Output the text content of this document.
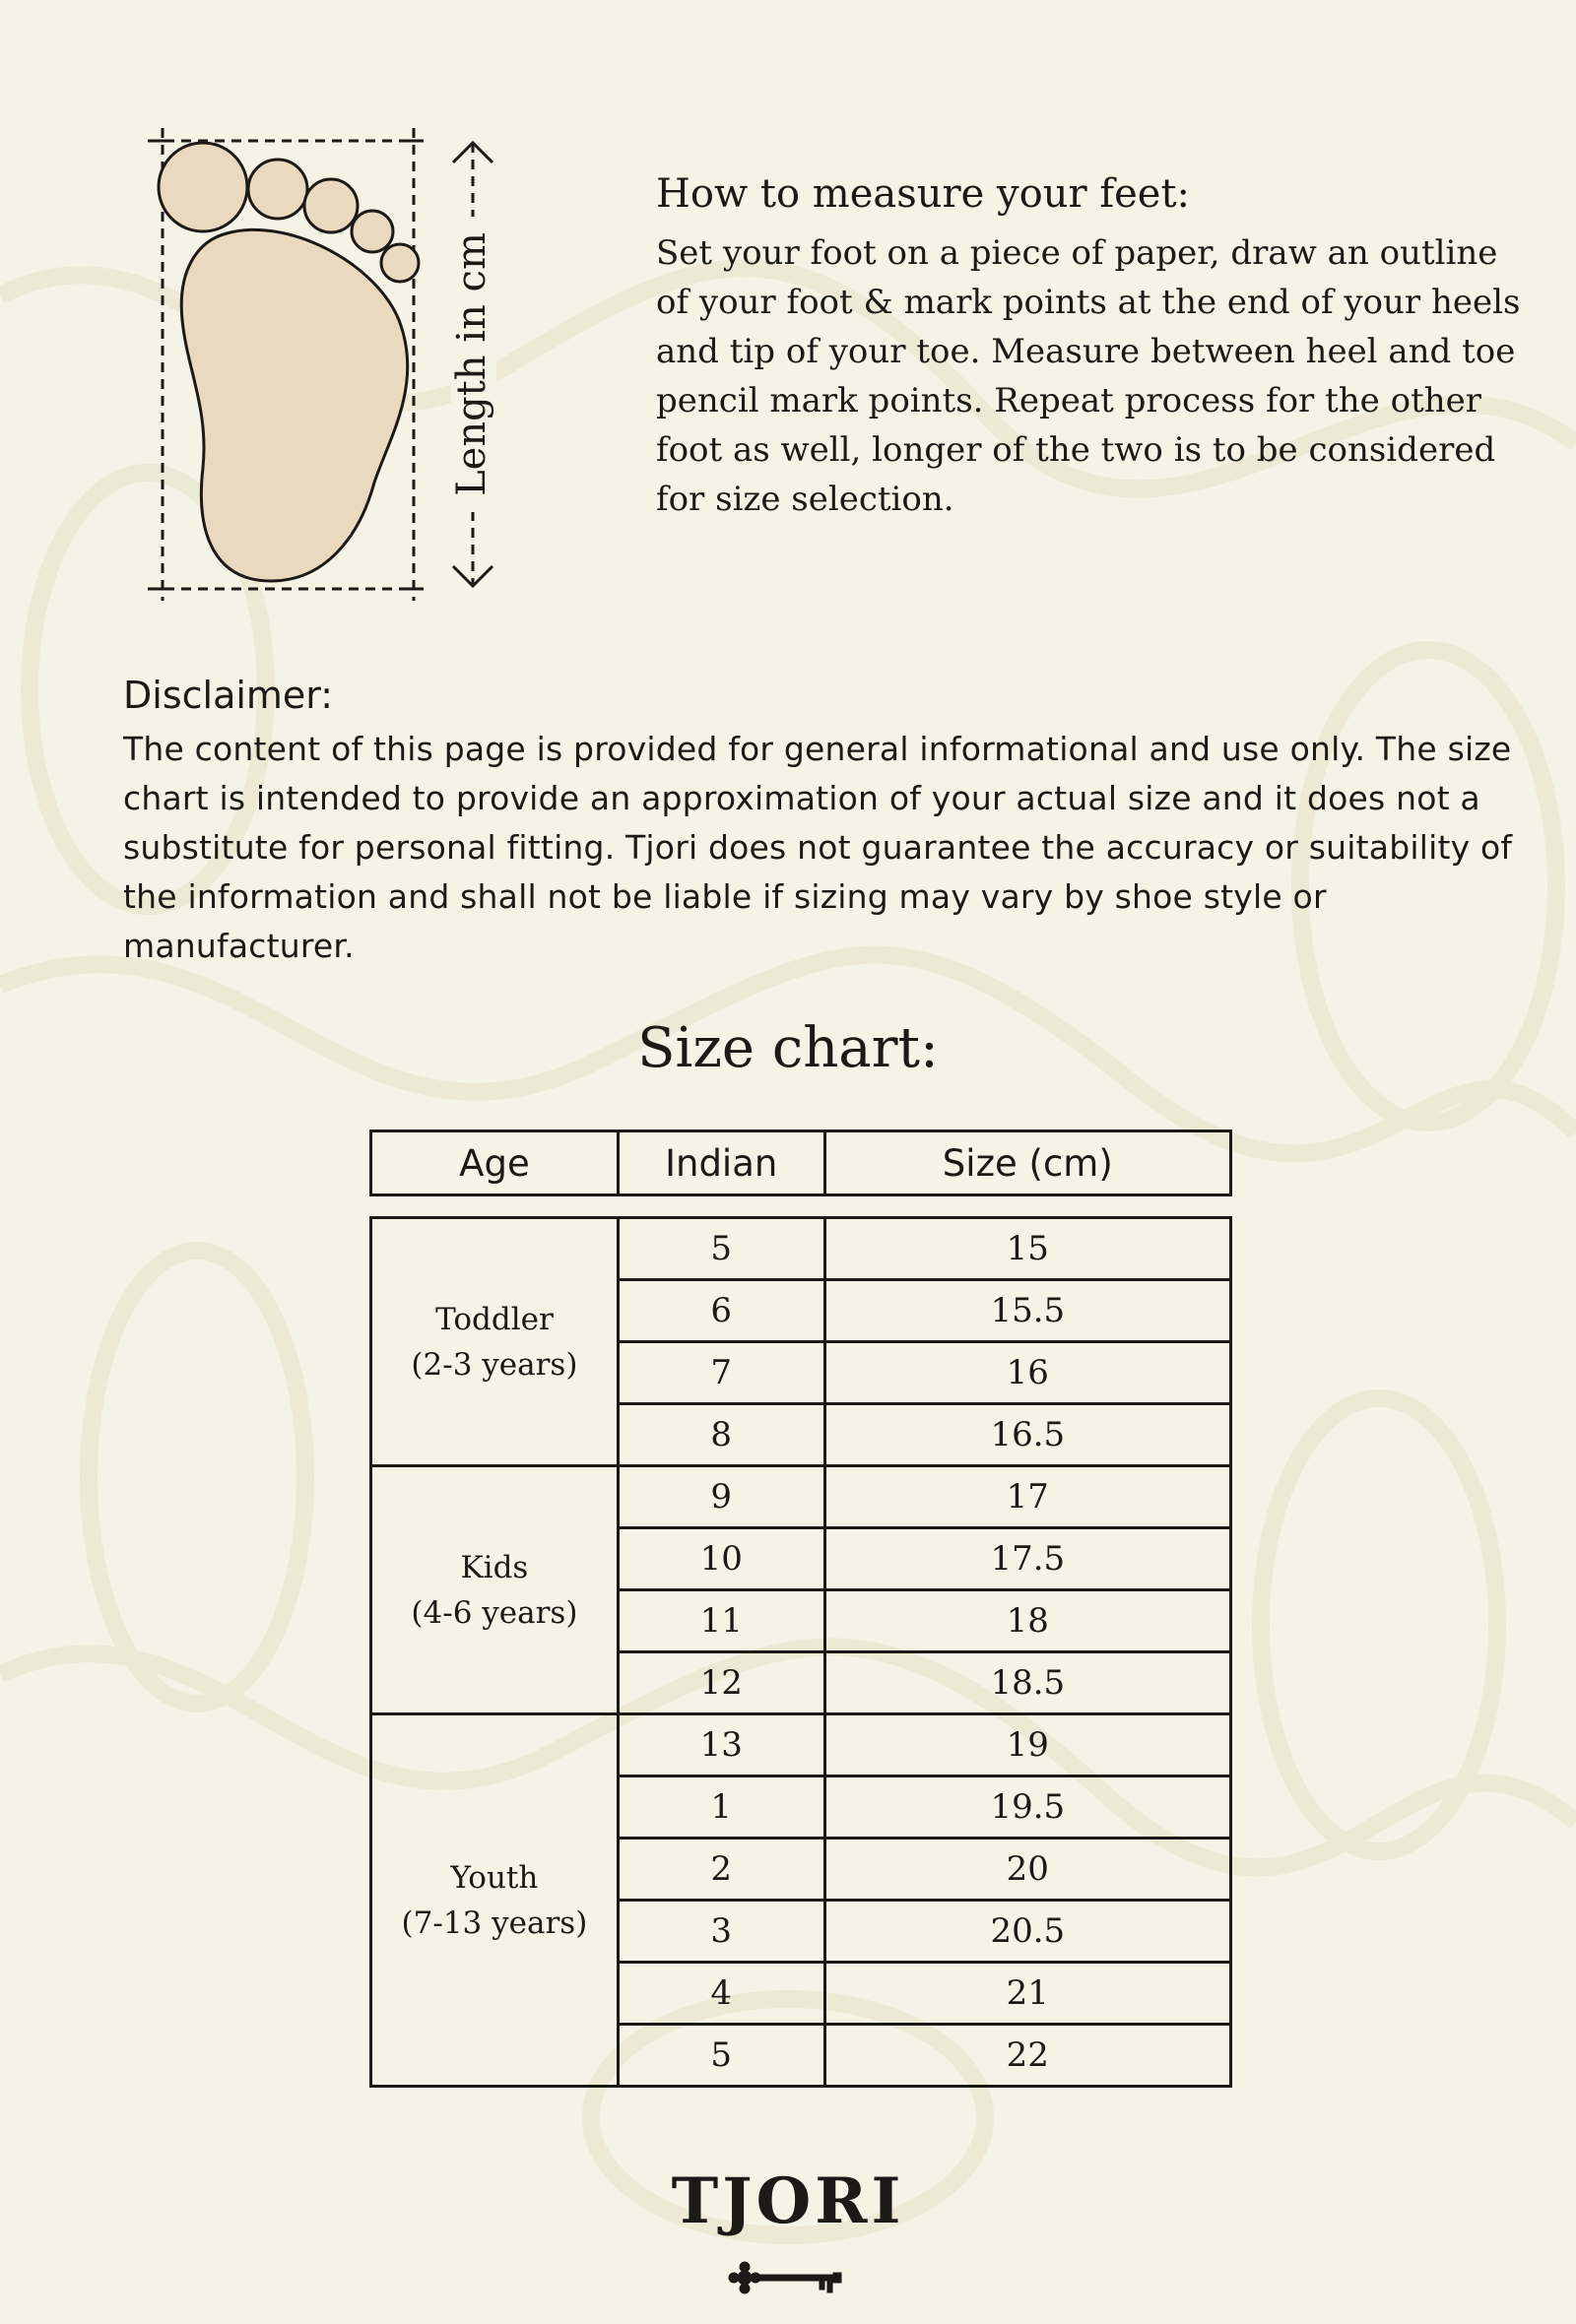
Length in cm
How to measure your feet:

Set your foot on a piece of paper, draw an outline of your foot & mark points at the end of your heels and tip of your toe. Measure between heel and toe pencil mark points. Repeat process for the other foot as well, longer of the two is to be considered for size selection.

Disclaimer:

The content of this page is provided for general informational and use only. The size chart is intended to provide an approximation of your actual size and it does not a substitute for personal fitting. Tjori does not guarantee the accuracy or suitability of the information and shall not be liable if sizing may vary by shoe style or manufacturer.

Size chart:
Age	Indian	Size (cm)
Toddler
(2-3 years)	5	15
	6	15.5
	7	16
	8	16.5

Kids
(4-6 years)	9	17
	10	17.5
	11	18
	12	18.5

Youth
(7-13 years)	13	19
	1	19.5
	2	20
	3	20.5
	4	21
	5	22
TJORI
